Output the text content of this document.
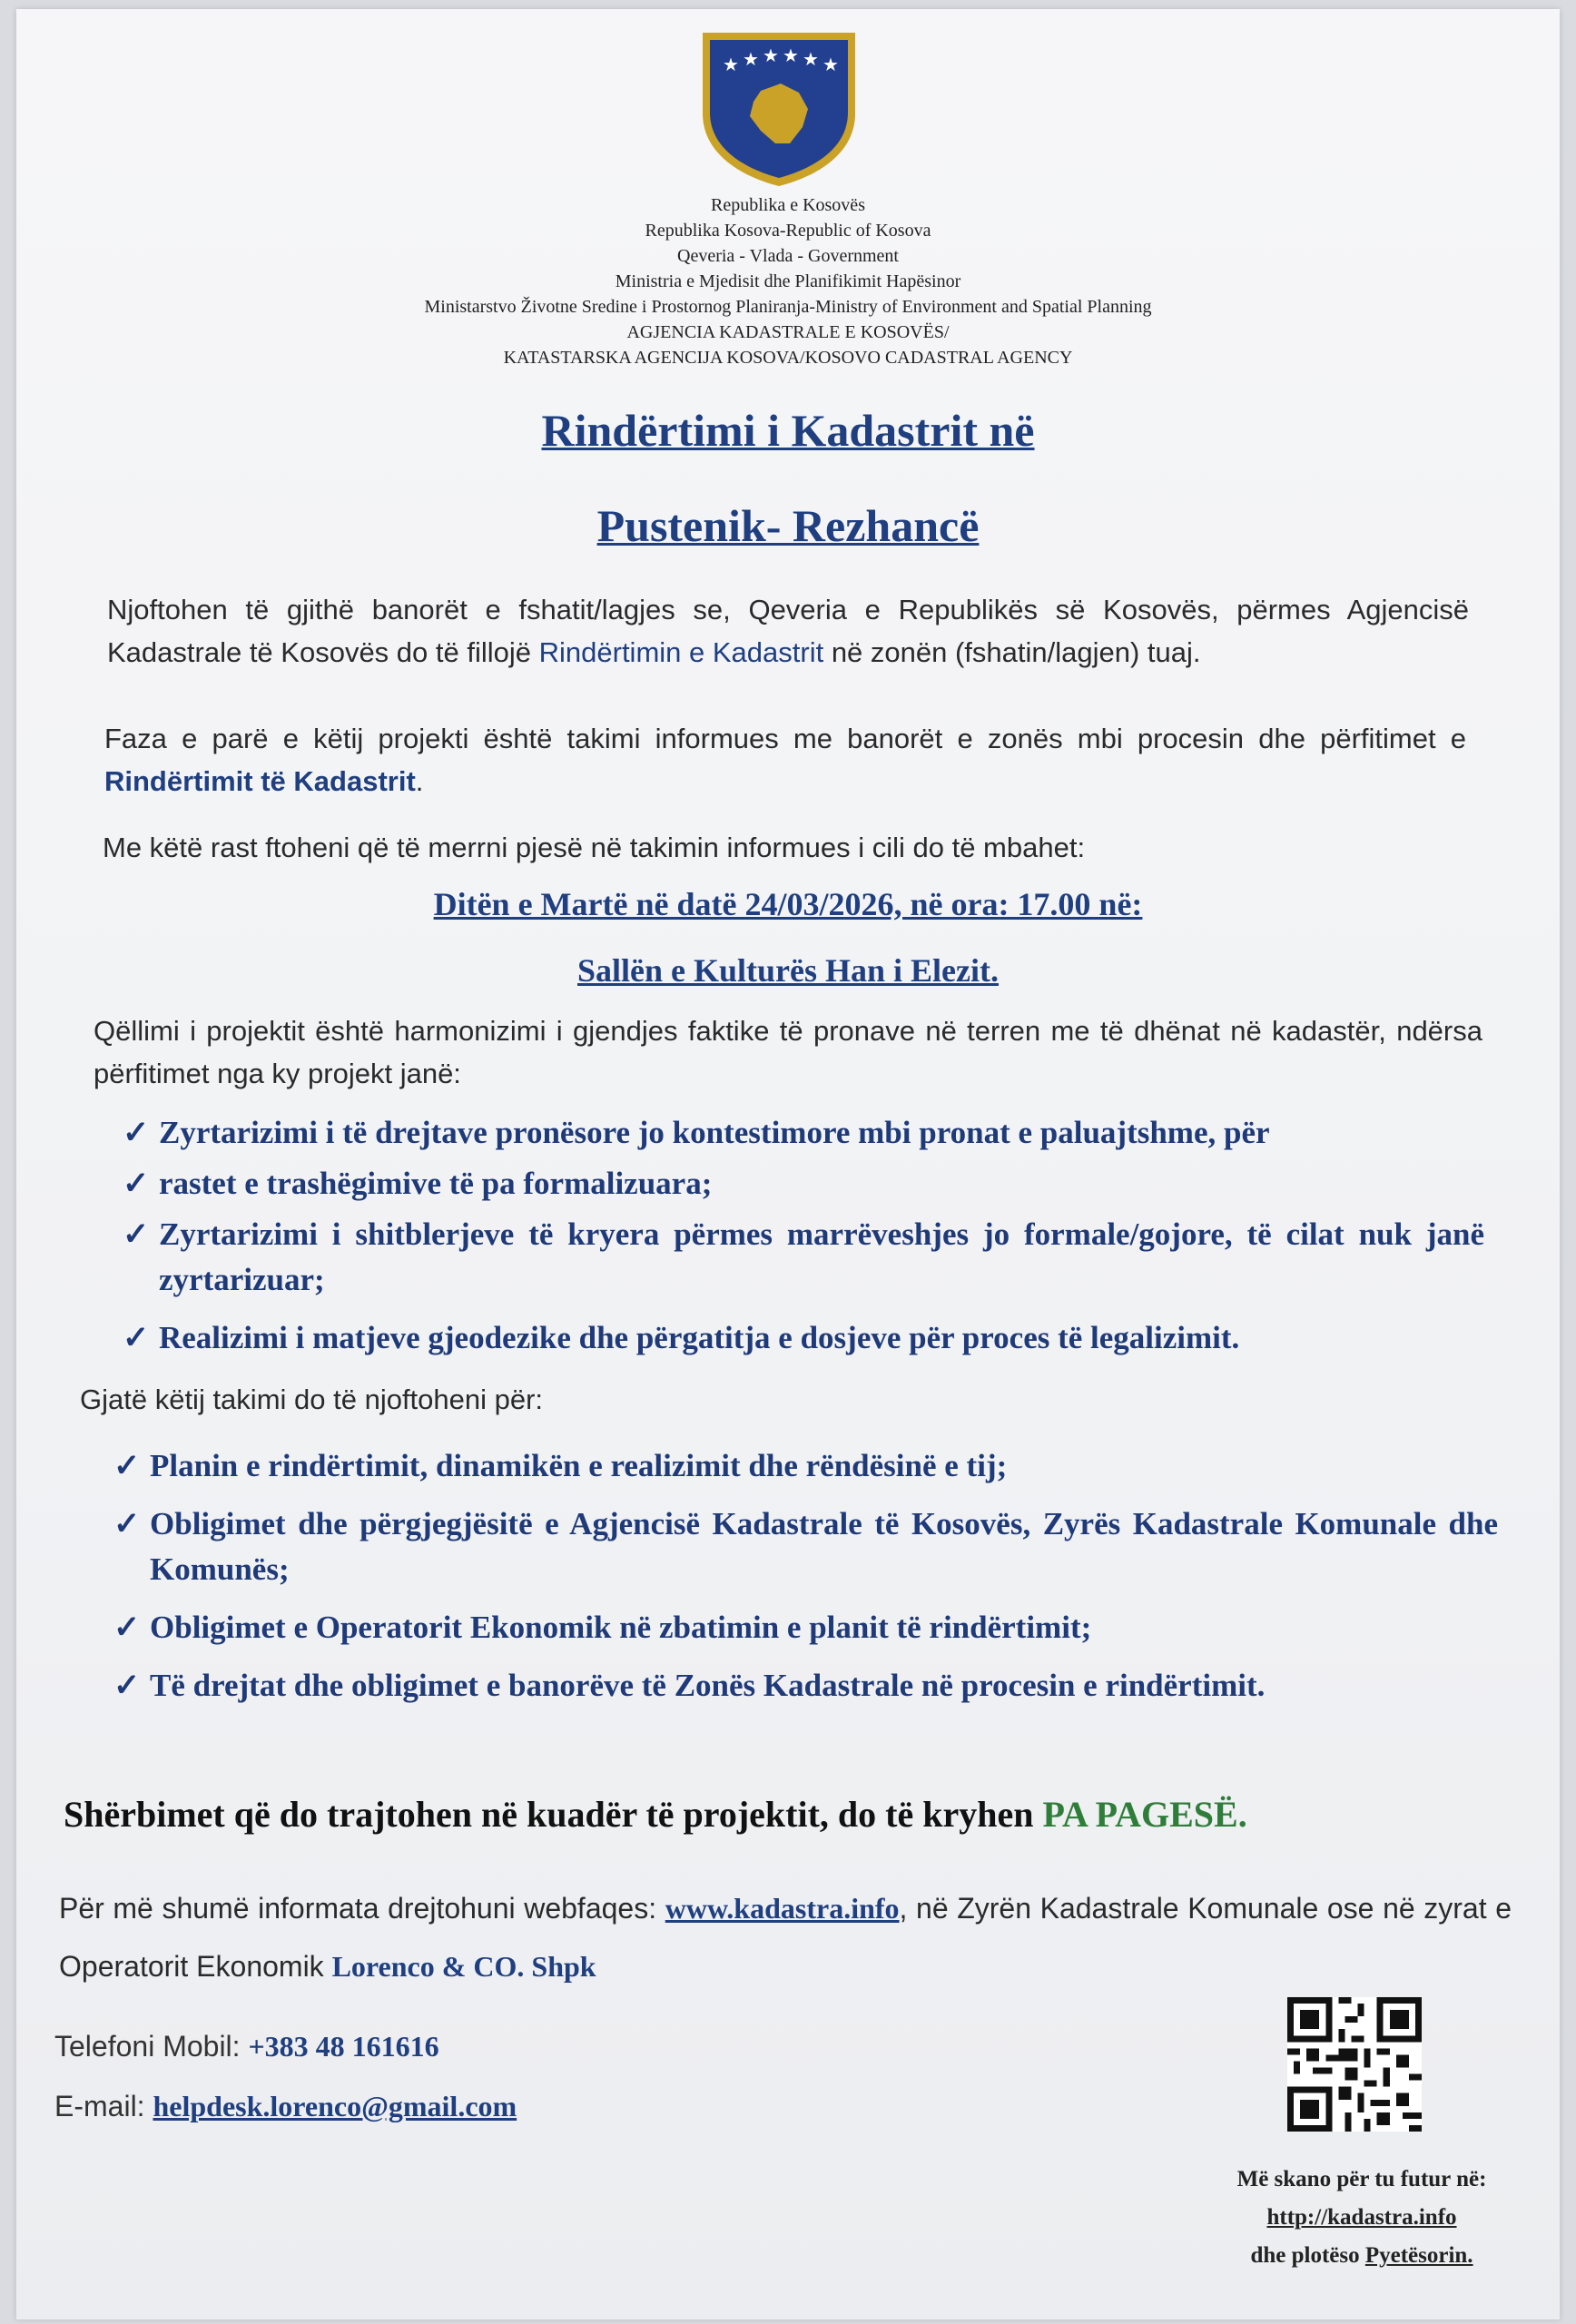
★ ★ ★ ★ ★ ★
Republika e Kosovës
Republika Kosova-Republic of Kosova
Qeveria - Vlada - Government
Ministria e Mjedisit dhe Planifikimit Hapësinor
Ministarstvo Životne Sredine i Prostornog Planiranja-Ministry of Environment and Spatial Planning
AGJENCIA KADASTRALE E KOSOVËS/
KATASTARSKA AGENCIJA KOSOVA/KOSOVO CADASTRAL AGENCY
Rindërtimi i Kadastrit në
Pustenik- Rezhancë
Njoftohen të gjithë banorët e fshatit/lagjes se, Qeveria e Republikës së Kosovës, përmes Agjencisë Kadastrale të Kosovës do të fillojë Rindërtimin e Kadastrit në zonën (fshatin/lagjen) tuaj.
Faza e parë e këtij projekti është takimi informues me banorët e zonës mbi procesin dhe përfitimet e Rindërtimit të Kadastrit.
Me këtë rast ftoheni që të merrni pjesë në takimin informues i cili do të mbahet:
Ditën e Martë në datë 24/03/2026, në ora: 17.00 në:
Sallën e Kulturës Han i Elezit.
Qëllimi i projektit është harmonizimi i gjendjes faktike të pronave në terren me të dhënat në kadastër, ndërsa përfitimet nga ky projekt janë:
✓ Zyrtarizimi i të drejtave pronësore jo kontestimore mbi pronat e paluajtshme, për
✓ rastet e trashëgimive të pa formalizuara;
✓ Zyrtarizimi i shitblerjeve të kryera përmes marrëveshjes jo formale/gojore, të cilat nuk janë zyrtarizuar;
✓ Realizimi i matjeve gjeodezike dhe përgatitja e dosjeve për proces të legalizimit.
Gjatë këtij takimi do të njoftoheni për:
✓ Planin e rindërtimit, dinamikën e realizimit dhe rëndësinë e tij;
✓ Obligimet dhe përgjegjësitë e Agjencisë Kadastrale të Kosovës, Zyrës Kadastrale Komunale dhe Komunës;
✓ Obligimet e Operatorit Ekonomik në zbatimin e planit të rindërtimit;
✓ Të drejtat dhe obligimet e banorëve të Zonës Kadastrale në procesin e rindërtimit.
Shërbimet që do trajtohen në kuadër të projektit, do të kryhen PA PAGESË.
Për më shumë informata drejtohuni webfaqes: www.kadastra.info, në Zyrën Kadastrale Komunale ose në zyrat e Operatorit Ekonomik Lorenco & CO. Shpk
Telefoni Mobil: +383 48 161616
E-mail: helpdesk.lorenco@gmail.com
Më skano për tu futur në:
http://kadastra.info
dhe plotëso Pyetësorin.
